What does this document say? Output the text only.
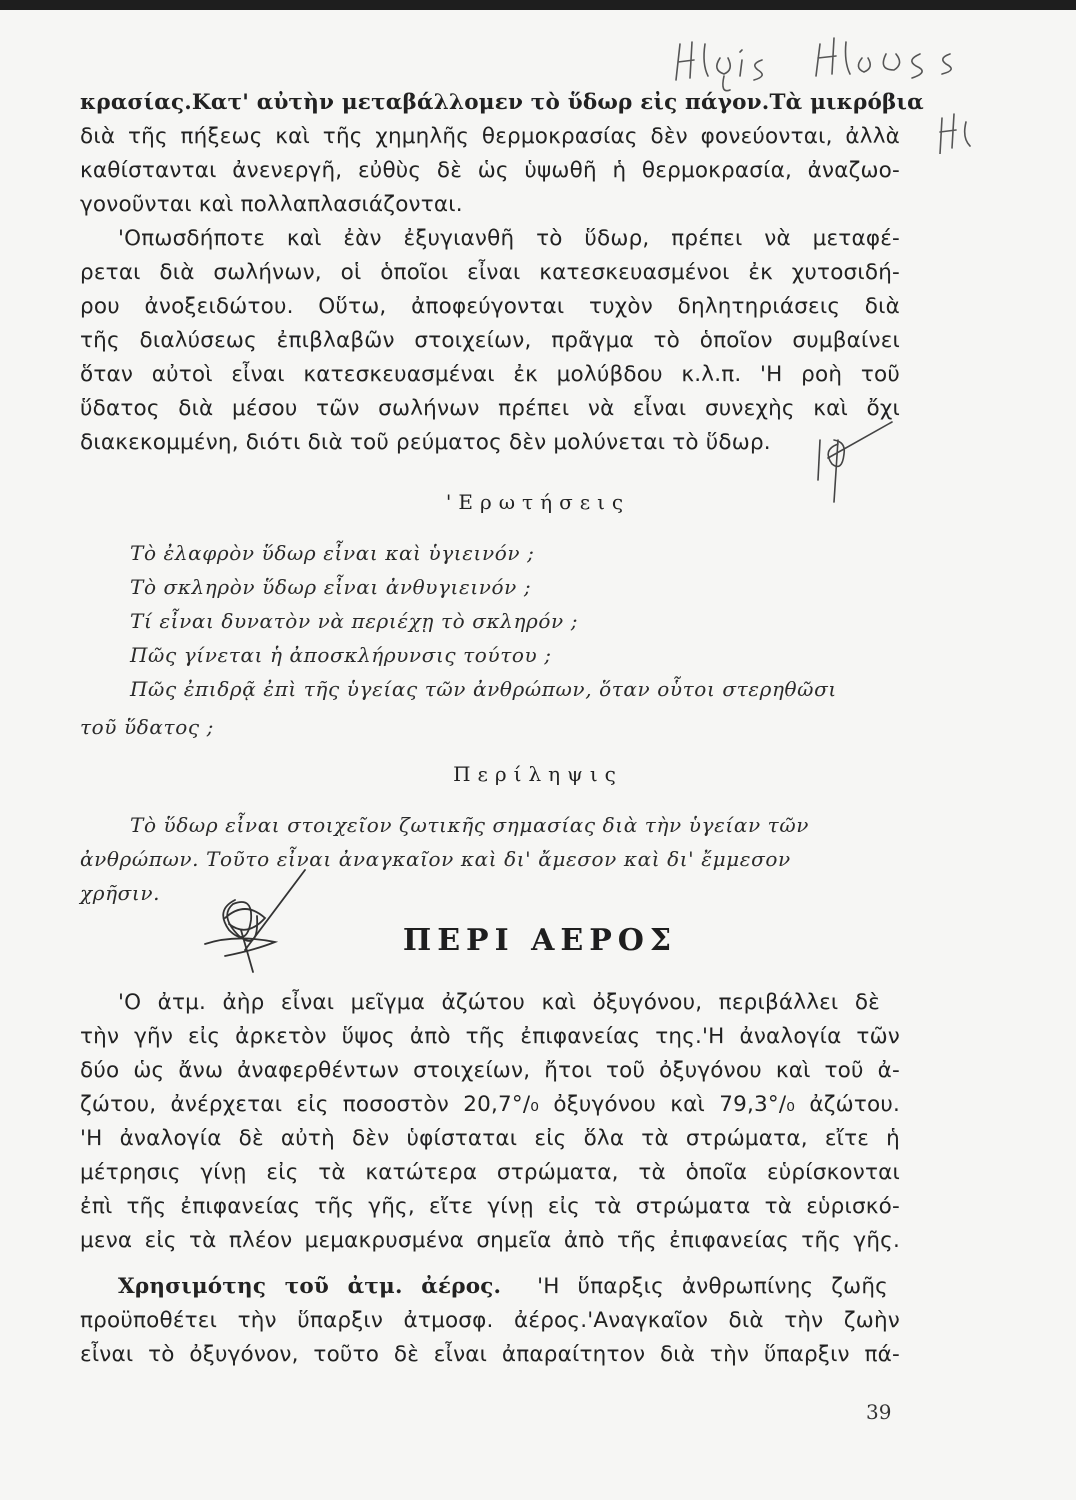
κρασίας.Κατ' αὐτὴν μεταβάλλομεν τὸ ὕδωρ εἰς πάγον.Τὰ μικρόβια
διὰ τῆς πήξεως καὶ τῆς χημηλῆς θερμοκρασίας δὲν φονεύονται, ἀλλὰ
καθίστανται ἀνενεργῆ, εὐθὺς δὲ ὡς ὑψωθῆ ἡ θερμοκρασία, ἀναζωο-
γονοῦνται καὶ πολλαπλασιάζονται.
'Οπωσδήποτε καὶ ἐὰν ἐξυγιανθῆ τὸ ὕδωρ, πρέπει νὰ μεταφέ-
ρεται διὰ σωλήνων, οἱ ὁποῖοι εἶναι κατεσκευασμένοι ἐκ χυτοσιδή-
ρου ἀνοξειδώτου. Οὕτω, ἀποφεύγονται τυχὸν δηλητηριάσεις διὰ
τῆς διαλύσεως ἐπιβλαβῶν στοιχείων, πρᾶγμα τὸ ὁποῖον συμβαίνει
ὅταν αὐτοὶ εἶναι κατεσκευασμέναι ἐκ μολύβδου κ.λ.π. 'Η ροὴ τοῦ
ὕδατος διὰ μέσου τῶν σωλήνων πρέπει νὰ εἶναι συνεχὴς καὶ ὄχι
διακεκομμένη, διότι διὰ τοῦ ρεύματος δὲν μολύνεται τὸ ὕδωρ.
'Ερωτήσεις
Τὸ ἐλαφρὸν ὕδωρ εἶναι καὶ ὑγιεινόν ;
Τὸ σκληρὸν ὕδωρ εἶναι ἀνθυγιεινόν ;
Τί εἶναι δυνατὸν νὰ περιέχῃ τὸ σκληρόν ;
Πῶς γίνεται ἡ ἀποσκλήρυνσις τούτου ;
Πῶς ἐπιδρᾷ ἐπὶ τῆς ὑγείας τῶν ἀνθρώπων, ὅταν οὗτοι στερηθῶσι
τοῦ ὕδατος ;
Περίληψις
Τὸ ὕδωρ εἶναι στοιχεῖον ζωτικῆς σημασίας διὰ τὴν ὑγείαν τῶν
ἀνθρώπων. Τοῦτο εἶναι ἀναγκαῖον καὶ δι' ἄμεσον καὶ δι' ἔμμεσον
χρῆσιν.
ΠΕΡΙ ΑΕΡΟΣ
'Ο ἀτμ. ἀὴρ εἶναι μεῖγμα ἀζώτου καὶ ὀξυγόνου, περιβάλλει δὲ
τὴν γῆν εἰς ἀρκετὸν ὕψος ἀπὸ τῆς ἐπιφανείας της.'Η ἀναλογία τῶν
δύο ὡς ἄνω ἀναφερθέντων στοιχείων, ἤτοι τοῦ ὀξυγόνου καὶ τοῦ ἀ-
ζώτου, ἀνέρχεται εἰς ποσοστὸν 20,7°/₀ ὀξυγόνου καὶ 79,3°/₀ ἀζώτου.
'Η ἀναλογία δὲ αὐτὴ δὲν ὑφίσταται εἰς ὅλα τὰ στρώματα, εἴτε ἡ
μέτρησις γίνῃ εἰς τὰ κατώτερα στρώματα, τὰ ὁποῖα εὑρίσκονται
ἐπὶ τῆς ἐπιφανείας τῆς γῆς, εἴτε γίνῃ εἰς τὰ στρώματα τὰ εὑρισκό-
μενα εἰς τὰ πλέον μεμακρυσμένα σημεῖα ἀπὸ τῆς ἐπιφανείας τῆς γῆς.
Χρησιμότης τοῦ ἀτμ. ἀέρος. 'Η ὕπαρξις ἀνθρωπίνης ζωῆς
προϋποθέτει τὴν ὕπαρξιν ἀτμοσφ. ἀέρος.'Αναγκαῖον διὰ τὴν ζωὴν
εἶναι τὸ ὀξυγόνον, τοῦτο δὲ εἶναι ἀπαραίτητον διὰ τὴν ὕπαρξιν πά-
39
